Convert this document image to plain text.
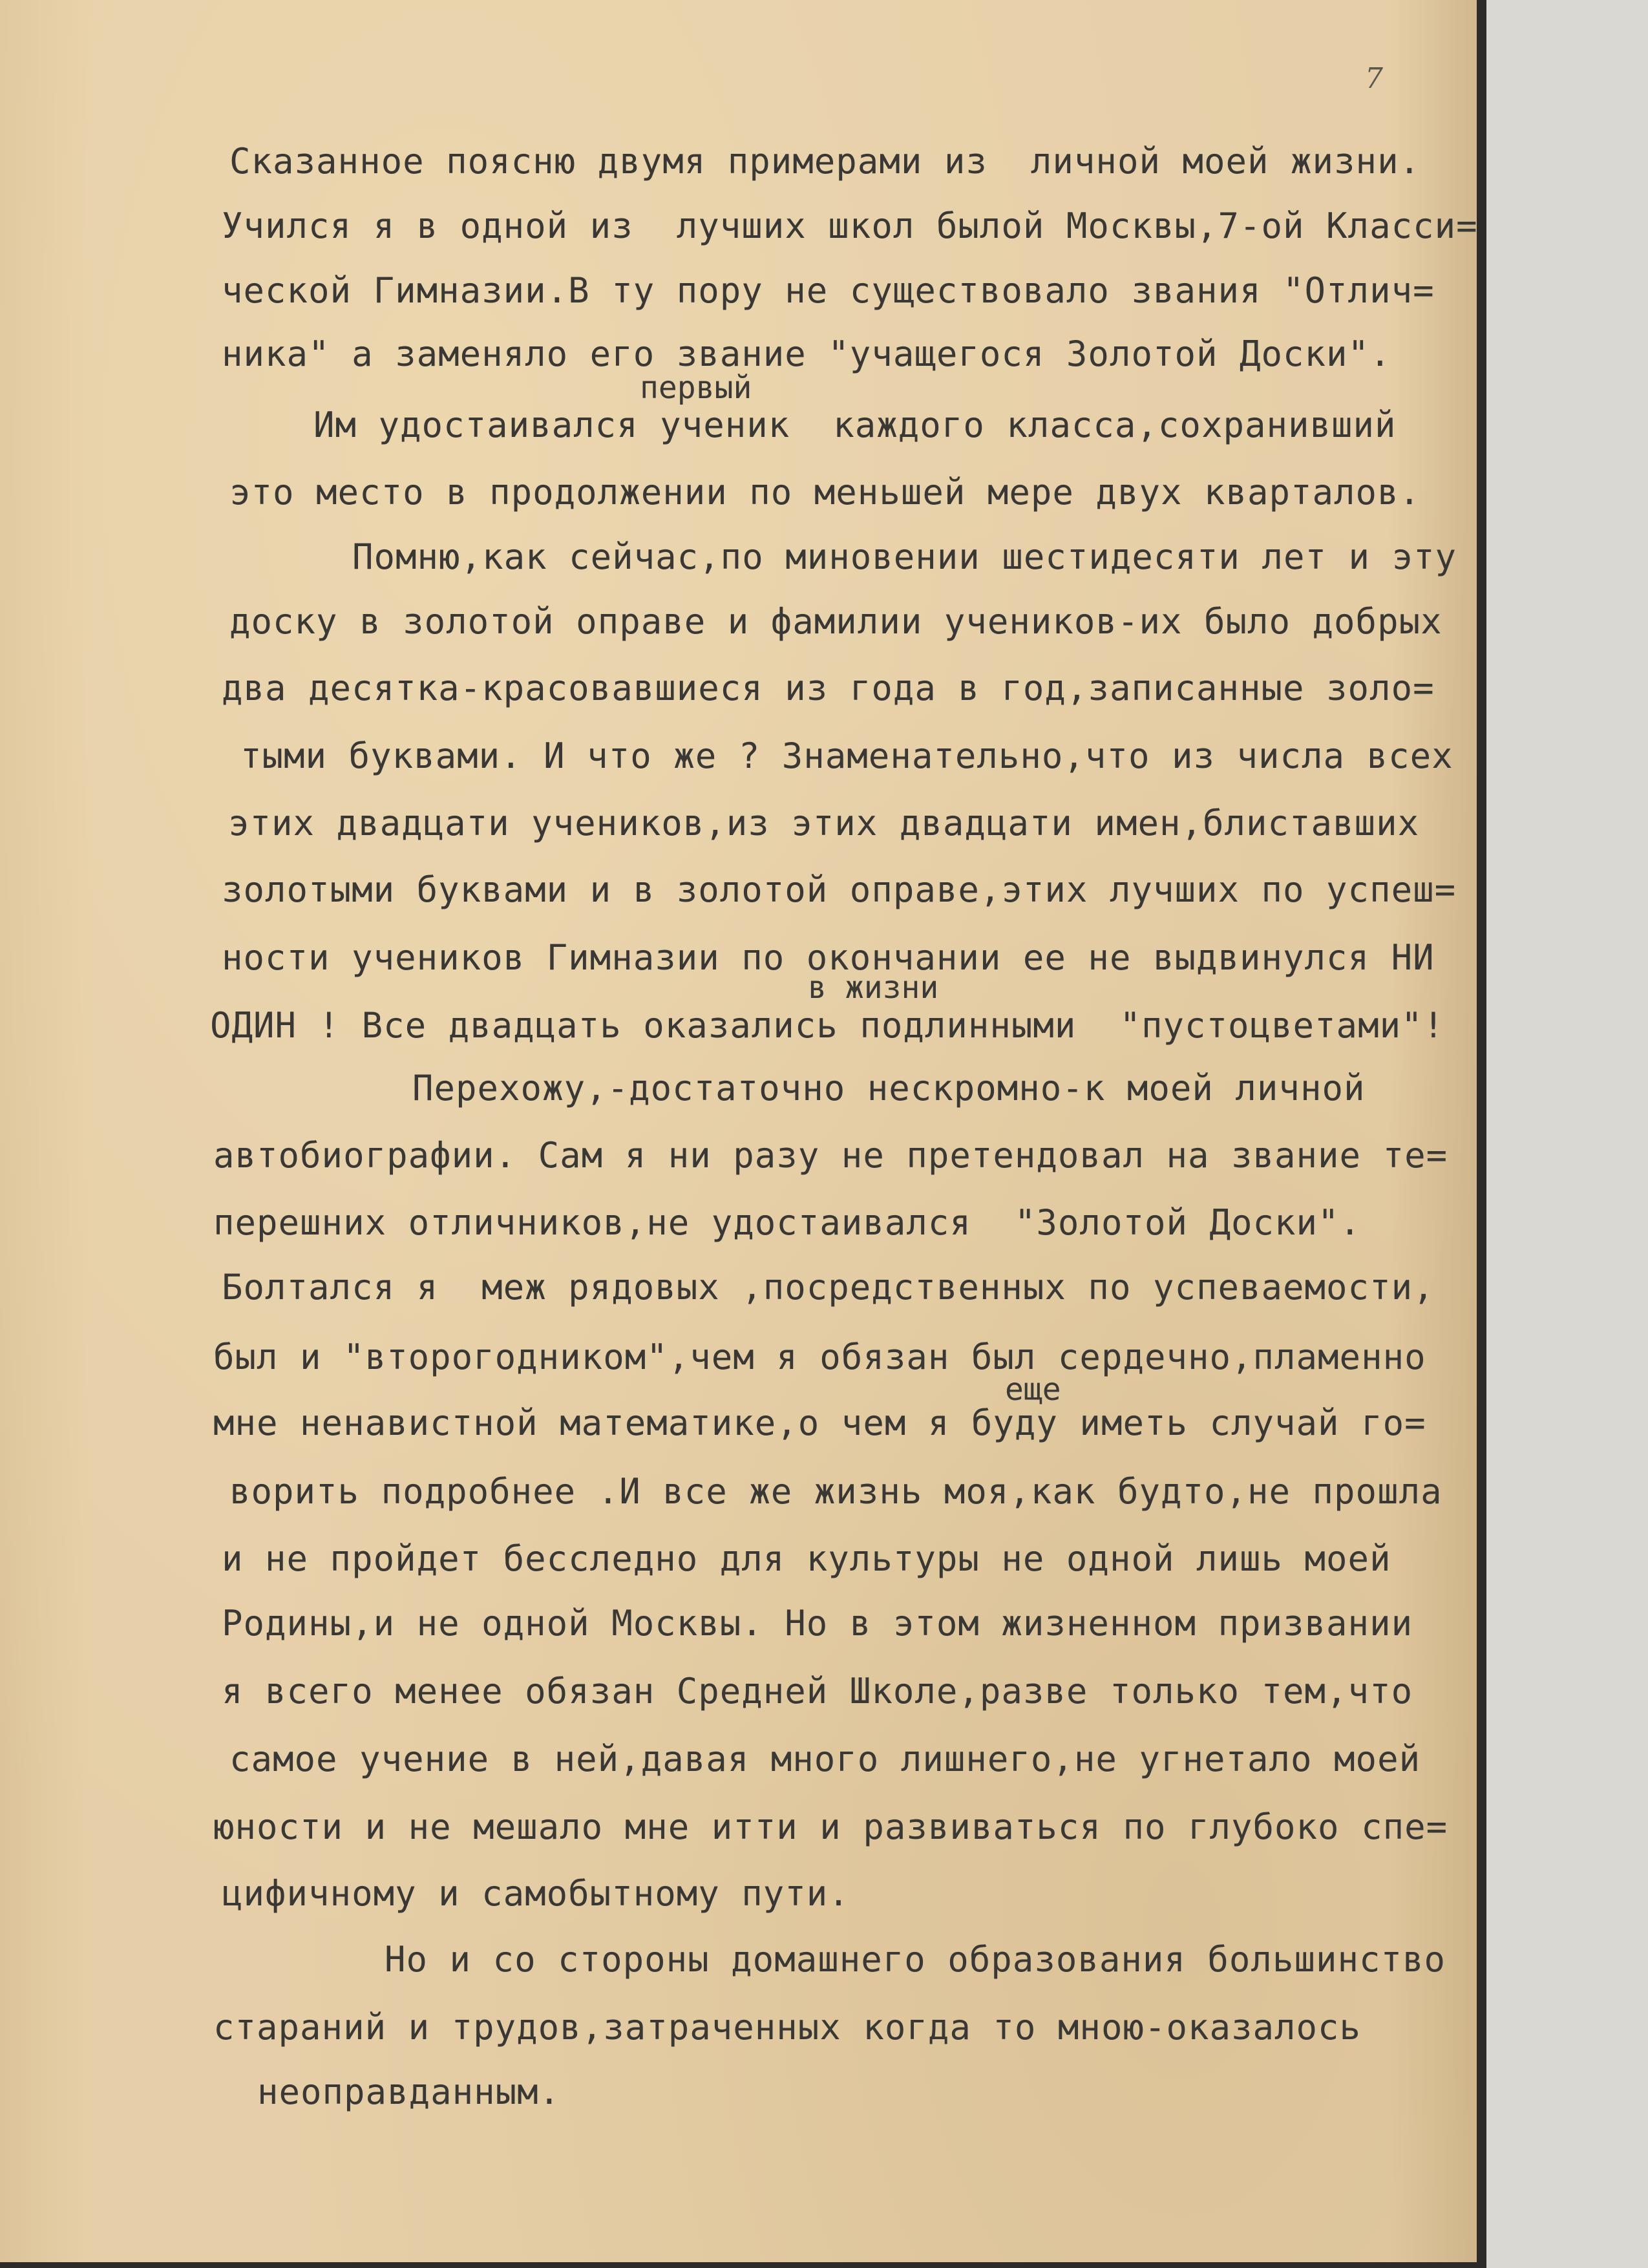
7
Сказанное поясню двумя примерами из  личной моей жизни.
Учился я в одной из  лучших школ былой Москвы,7-ой Класси=
ческой Гимназии.В ту пору не существовало звания "Отлич=
ника" а заменяло его звание "учащегося Золотой Доски".
первый
Им удостаивался ученик  каждого класса,сохранивший
это место в продолжении по меньшей мере двух кварталов.
Помню,как сейчас,по миновении шестидесяти лет и эту
доску в золотой оправе и фамилии учеников-их было добрых
два десятка-красовавшиеся из года в год,записанные золо=
тыми буквами. И что же ? Знаменательно,что из числа всех
этих двадцати учеников,из этих двадцати имен,блиставших
золотыми буквами и в золотой оправе,этих лучших по успеш=
ности учеников Гимназии по окончании ее не выдвинулся НИ
в жизни
ОДИН ! Все двадцать оказались подлинными  "пустоцветами"!
Перехожу,-достаточно нескромно-к моей личной
автобиографии. Сам я ни разу не претендовал на звание те=
перешних отличников,не удостаивался  "Золотой Доски".
Болтался я  меж рядовых ,посредственных по успеваемости,
был и "второгодником",чем я обязан был сердечно,пламенно
еще
мне ненавистной математике,о чем я буду иметь случай го=
ворить подробнее .И все же жизнь моя,как будто,не прошла
и не пройдет бесследно для культуры не одной лишь моей
Родины,и не одной Москвы. Но в этом жизненном призвании
я всего менее обязан Средней Школе,разве только тем,что
самое учение в ней,давая много лишнего,не угнетало моей
юности и не мешало мне итти и развиваться по глубоко спе=
цифичному и самобытному пути.
Но и со стороны домашнего образования большинство
стараний и трудов,затраченных когда то мною-оказалось
неоправданным.
